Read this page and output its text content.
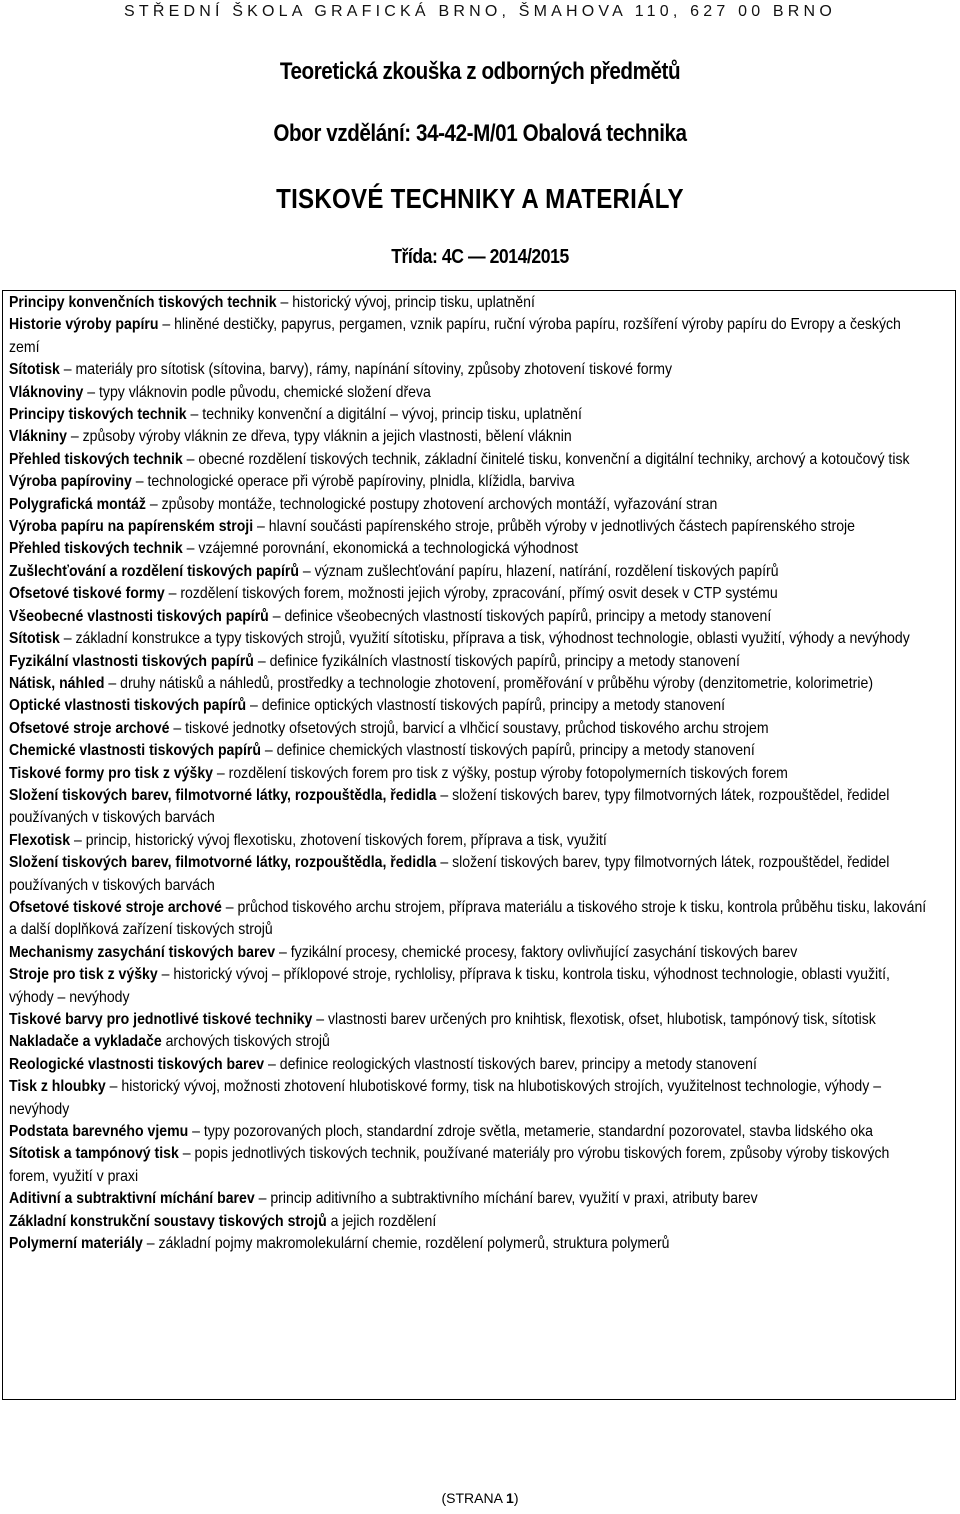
STŘEDNÍ ŠKOLA GRAFICKÁ BRNO, ŠMAHOVA 110, 627 00 BRNO
Teoretická zkouška z odborných předmětů
Obor vzdělání: 34-42-M/01 Obalová technika
TISKOVÉ TECHNIKY A MATERIÁLY
Třída: 4C — 2014/2015
Principy konvenčních tiskových technik – historický vývoj, princip tisku, uplatnění
Historie výroby papíru – hliněné destičky, papyrus, pergamen, vznik papíru, ruční výroba papíru, rozšíření výroby papíru do Evropy a českých zemí
Sítotisk – materiály pro sítotisk (sítovina, barvy), rámy, napínání sítoviny, způsoby zhotovení tiskové formy
Vláknoviny – typy vláknovin podle původu, chemické složení dřeva
Principy tiskových technik – techniky konvenční a digitální – vývoj, princip tisku, uplatnění
Vlákniny – způsoby výroby vláknin ze dřeva, typy vláknin a jejich vlastnosti, bělení vláknin
Přehled tiskových technik – obecné rozdělení tiskových technik, základní činitelé tisku, konvenční a digitální techniky, archový a kotoučový tisk
Výroba papíroviny – technologické operace při výrobě papíroviny, plnidla, klížidla, barviva
Polygrafická montáž – způsoby montáže, technologické postupy zhotovení archových montáží, vyřazování stran
Výroba papíru na papírenském stroji – hlavní součásti papírenského stroje, průběh výroby v jednotlivých částech papírenského stroje
Přehled tiskových technik – vzájemné porovnání, ekonomická a technologická výhodnost
Zušlechťování a rozdělení tiskových papírů – význam zušlechťování papíru, hlazení, natírání, rozdělení tiskových papírů
Ofsetové tiskové formy – rozdělení tiskových forem, možnosti jejich výroby, zpracování, přímý osvit desek v CTP systému
Všeobecné vlastnosti tiskových papírů – definice všeobecných vlastností tiskových papírů, principy a metody stanovení
Sítotisk – základní konstrukce a typy tiskových strojů, využití sítotisku, příprava a tisk, výhodnost technologie, oblasti využití, výhody a nevýhody
Fyzikální vlastnosti tiskových papírů – definice fyzikálních vlastností tiskových papírů, principy a metody stanovení
Nátisk, náhled – druhy nátisků a náhledů, prostředky a technologie zhotovení, proměřování v průběhu výroby (denzitometrie, kolorimetrie)
Optické vlastnosti tiskových papírů – definice optických vlastností tiskových papírů, principy a metody stanovení
Ofsetové stroje archové – tiskové jednotky ofsetových strojů, barvicí a vlhčicí soustavy, průchod tiskového archu strojem
Chemické vlastnosti tiskových papírů – definice chemických vlastností tiskových papírů, principy a metody stanovení
Tiskové formy pro tisk z výšky – rozdělení tiskových forem pro tisk z výšky, postup výroby fotopolymerních tiskových forem
Složení tiskových barev, filmotvorné látky, rozpouštědla, ředidla – složení tiskových barev, typy filmotvorných látek, rozpouštědel, ředidel používaných v tiskových barvách
Flexotisk – princip, historický vývoj flexotisku, zhotovení tiskových forem, příprava a tisk, využití
Složení tiskových barev, filmotvorné látky, rozpouštědla, ředidla – složení tiskových barev, typy filmotvorných látek, rozpouštědel, ředidel používaných v tiskových barvách
Ofsetové tiskové stroje archové – průchod tiskového archu strojem, příprava materiálu a tiskového stroje k tisku, kontrola průběhu tisku, lakování a další doplňková zařízení tiskových strojů
Mechanismy zasychání tiskových barev – fyzikální procesy, chemické procesy, faktory ovlivňující zasychání tiskových barev
Stroje pro tisk z výšky – historický vývoj – příklopové stroje, rychlolisy, příprava k tisku, kontrola tisku, výhodnost technologie, oblasti využití, výhody – nevýhody
Tiskové barvy pro jednotlivé tiskové techniky – vlastnosti barev určených pro knihtisk, flexotisk, ofset, hlubotisk, tampónový tisk, sítotisk
Nakladače a vykladače archových tiskových strojů
Reologické vlastnosti tiskových barev – definice reologických vlastností tiskových barev, principy a metody stanovení
Tisk z hloubky – historický vývoj, možnosti zhotovení hlubotiskové formy, tisk na hlubotiskových strojích, využitelnost technologie, výhody – nevýhody
Podstata barevného vjemu – typy pozorovaných ploch, standardní zdroje světla, metamerie, standardní pozorovatel, stavba lidského oka
Sítotisk a tampónový tisk – popis jednotlivých tiskových technik, používané materiály pro výrobu tiskových forem, způsoby výroby tiskových forem, využití v praxi
Aditivní a subtraktivní míchání barev – princip aditivního a subtraktivního míchání barev, využití v praxi, atributy barev
Základní konstrukční soustavy tiskových strojů a jejich rozdělení
Polymerní materiály – základní pojmy makromolekulární chemie, rozdělení polymerů, struktura polymerů
(STRANA 1)
